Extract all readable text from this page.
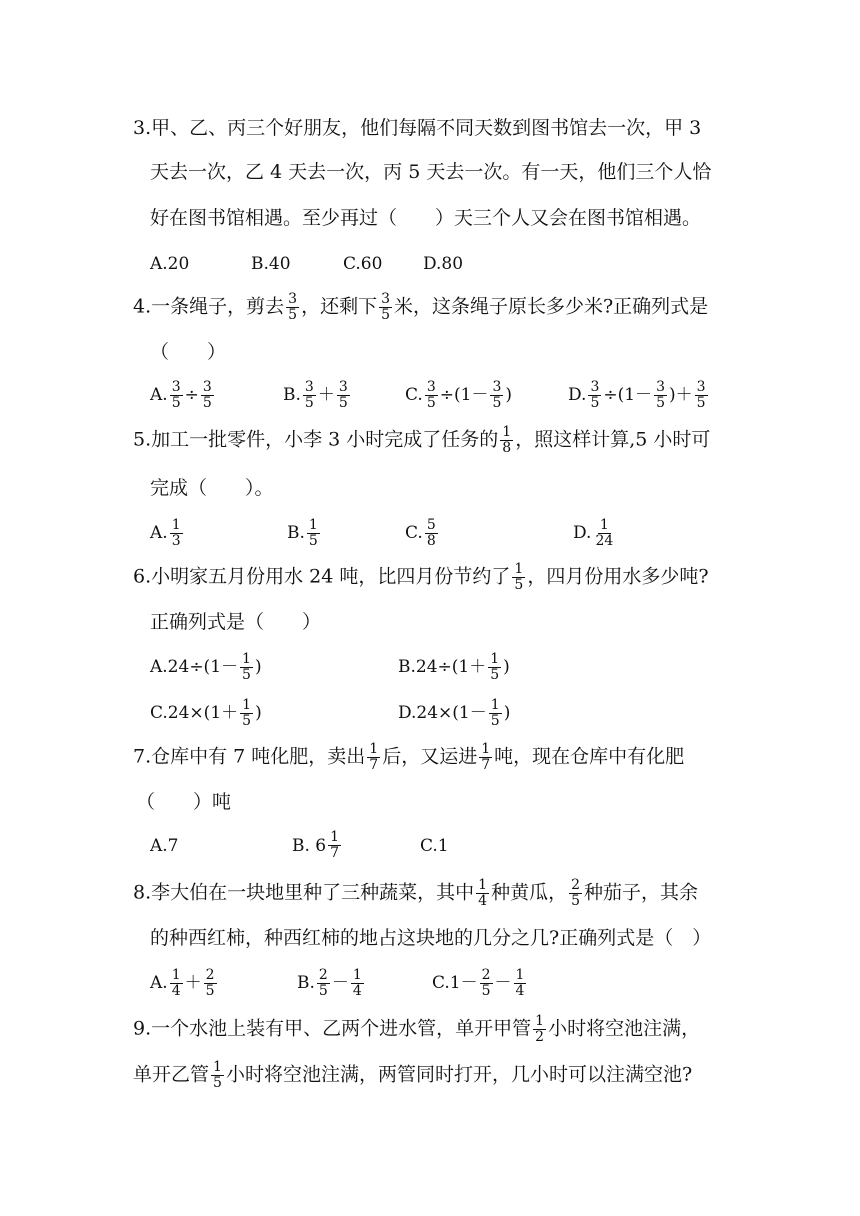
3.甲、乙、丙三个好朋友，他们每隔不同天数到图书馆去一次，甲 3
天去一次，乙 4 天去一次，丙 5 天去一次。有一天，他们三个人恰
好在图书馆相遇。至少再过（　　）天三个人又会在图书馆相遇。
A.20	B.40	C.60 D.80
4.一条绳子，剪去 $\frac{3}{5}$ ，还剩下 $\frac{3}{5}$ 米，这条绳子原长多少米?正确列式是
（　　）
A. $\frac{3}{5} \div \frac{3}{5}$	B. $\frac{3}{5} + \frac{3}{5}$	C. $\frac{3}{5} \div(1- \frac{3}{5}$ )	D. $\frac{3}{5} \div(1- \frac{3}{5}$ )＋ $\frac{3}{5}$
5.加工一批零件，小李 3 小时完成了任务的 $\frac{1}{8}$ ，照这样计算,5 小时可
完成（　　）。
A. $\frac{1}{3}$	B. $\frac{1}{5}$	C. $\frac{5}{8}$	D. $\frac{1}{24}$
6.小明家五月份用水 24 吨，比四月份节约了 $\frac{1}{5}$ ，四月份用水多少吨?
正确列式是（　　）
$A.24\div(1- \frac{1}{5}$ )	$B.24\div(1+ \frac{1}{5}$ )
$C.24\times(1+ \frac{1}{5}$ )	$D.24\times(1- \frac{1}{5}$ )
7.仓库中有 7 吨化肥，卖出 $\frac{1}{7}$ 后，又运进 $\frac{1}{7}$ 吨，现在仓库中有化肥
（　　）吨
A.7	B. $6 \frac{1}{7}$	C.1
8.李大伯在一块地里种了三种蔬菜，其中 $\frac{1}{4}$ 种黄瓜， $\frac{2}{5}$ 种茄子，其余
的种西红柿，种西红柿的地占这块地的几分之几?正确列式是（　）
A. $\frac{1}{4} + \frac{2}{5}$	B. $\frac{2}{5} - \frac{1}{4}$	$C.1- \frac{2}{5} - \frac{1}{4}$
9.一个水池上装有甲、乙两个进水管，单开甲管 $\frac{1}{2}$ 小时将空池注满，
单开乙管 $\frac{1}{5}$ 小时将空池注满，两管同时打开，几小时可以注满空池?
